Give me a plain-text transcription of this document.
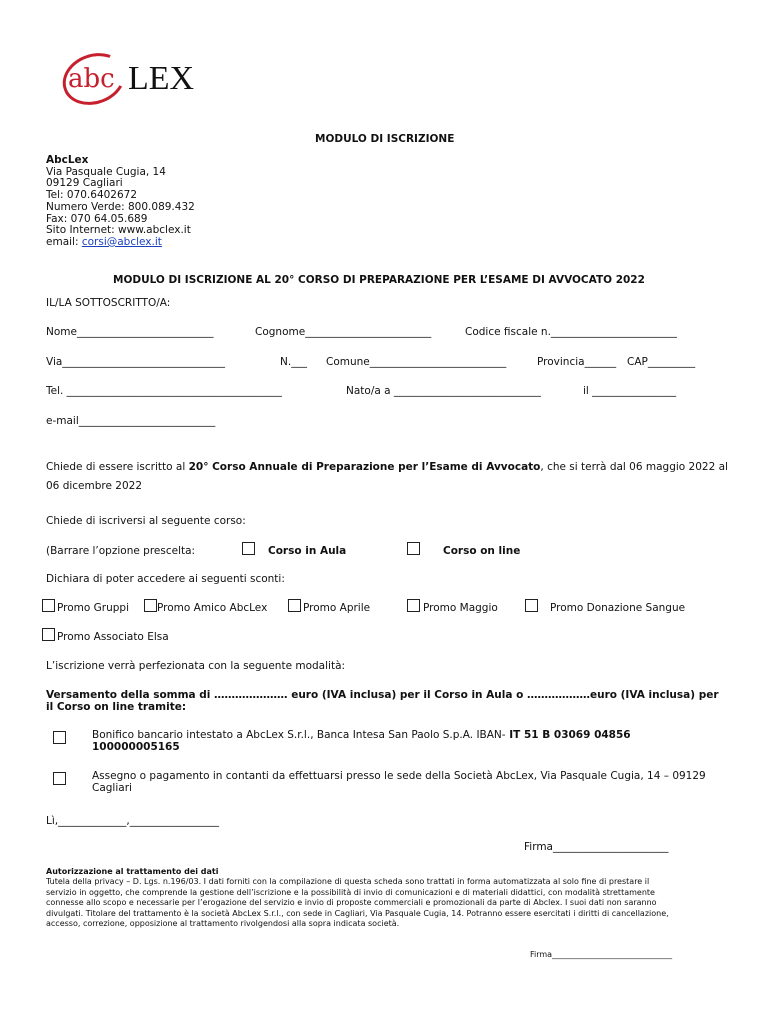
abc LEX
MODULO DI ISCRIZIONE
AbcLex
Via Pasquale Cugia, 14
09129 Cagliari
Tel: 070.6402672
Numero Verde: 800.089.432
Fax: 070 64.05.689
Sito Internet: www.abclex.it
email: corsi@abclex.it
MODULO DI ISCRIZIONE AL 20° CORSO DI PREPARAZIONE PER L’ESAME DI AVVOCATO 2022
IL/LA SOTTOSCRITTO/A:
Nome__________________________	Cognome________________________	Codice fiscale n.________________________
Via_______________________________	N.___ Comune__________________________	Provincia______ CAP_________
Tel. _________________________________________	Nato/a a ____________________________	il ________________
e-mail__________________________
Chiede di essere iscritto al 20° Corso Annuale di Preparazione per l’Esame di Avvocato, che si terrà dal 06 maggio 2022 al
06 dicembre 2022
Chiede di iscriversi al seguente corso:
(Barrare l’opzione prescelta:	Corso in Aula	Corso on line
Dichiara di poter accedere ai seguenti sconti:
Promo Gruppi	Promo Amico AbcLex	Promo Aprile	Promo Maggio	Promo Donazione Sangue
Promo Associato Elsa
L’iscrizione verrà perfezionata con la seguente modalità:
Versamento della somma di ………………… euro (IVA inclusa) per il Corso in Aula o ………………euro (IVA inclusa) per
il Corso on line tramite:
Bonifico bancario intestato a AbcLex S.r.l., Banca Intesa San Paolo S.p.A. IBAN- IT 51 B 03069 04856
100000005165
Assegno o pagamento in contanti da effettuarsi presso le sede della Società AbcLex, Via Pasquale Cugia, 14 – 09129
Cagliari
Lì,_____________,_________________
Firma______________________
Autorizzazione al trattamento dei dati
Tutela della privacy – D. Lgs. n.196/03. I dati forniti con la compilazione di questa scheda sono trattati in forma automatizzata al solo fine di prestare il
servizio in oggetto, che comprende la gestione dell’iscrizione e la possibilità di invio di comunicazioni e di materiali didattici, con modalità strettamente
connesse allo scopo e necessarie per l’erogazione del servizio e invio di proposte commerciali e promozionali da parte di Abclex. I suoi dati non saranno
divulgati. Titolare del trattamento è la società AbcLex S.r.l., con sede in Cagliari, Via Pasquale Cugia, 14. Potranno essere esercitati i diritti di cancellazione,
accesso, correzione, opposizione al trattamento rivolgendosi alla sopra indicata società.
Firma______________________________
